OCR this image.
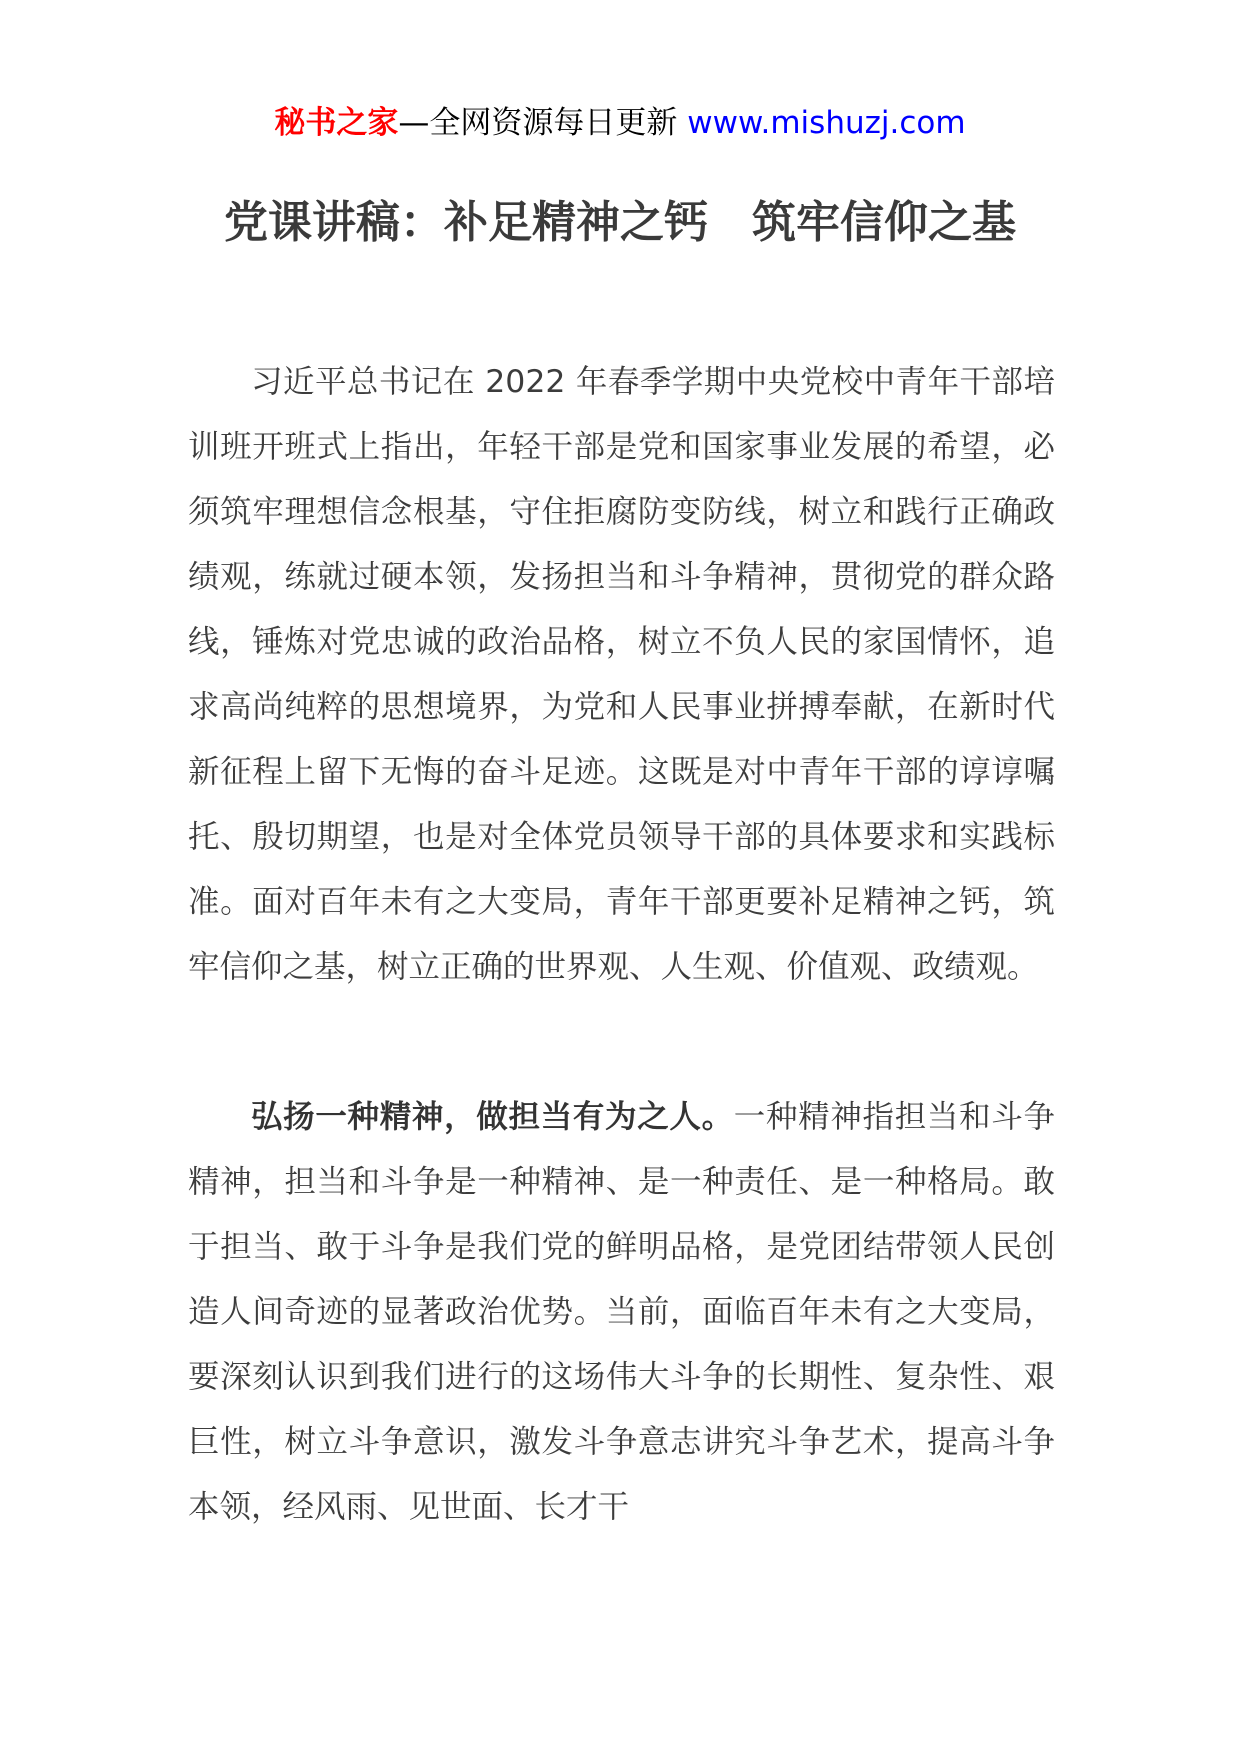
秘书之家—全网资源每日更新 www.mishuzj.com
党课讲稿：补足精神之钙　筑牢信仰之基

习近平总书记在 2022 年春季学期中央党校中青年干部培训班开班式上指出，年轻干部是党和国家事业发展的希望，必须筑牢理想信念根基，守住拒腐防变防线，树立和践行正确政绩观，练就过硬本领，发扬担当和斗争精神，贯彻党的群众路线，锤炼对党忠诚的政治品格，树立不负人民的家国情怀，追求高尚纯粹的思想境界，为党和人民事业拼搏奉献，在新时代新征程上留下无悔的奋斗足迹。这既是对中青年干部的谆谆嘱托、殷切期望，也是对全体党员领导干部的具体要求和实践标准。面对百年未有之大变局，青年干部更要补足精神之钙，筑牢信仰之基，树立正确的世界观、人生观、价值观、政绩观。

弘扬一种精神，做担当有为之人。一种精神指担当和斗争精神，担当和斗争是一种精神、是一种责任、是一种格局。敢于担当、敢于斗争是我们党的鲜明品格，是党团结带领人民创造人间奇迹的显著政治优势。当前，面临百年未有之大变局，要深刻认识到我们进行的这场伟大斗争的长期性、复杂性、艰巨性，树立斗争意识，激发斗争意志讲究斗争艺术，提高斗争本领，经风雨、见世面、长才干
